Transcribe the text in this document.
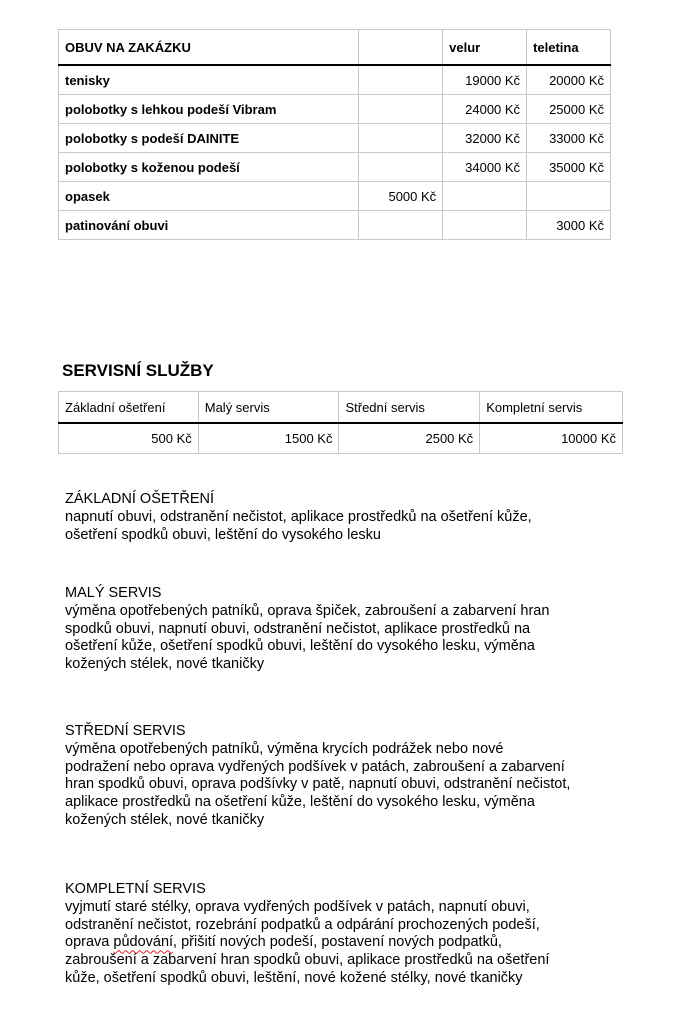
OBUV NA ZAKÁZKU		velur	teletina
tenisky		19000 Kč	20000 Kč
polobotky s lehkou podeší Vibram		24000 Kč	25000 Kč
polobotky s podeší DAINITE		32000 Kč	33000 Kč
polobotky s koženou podeší		34000 Kč	35000 Kč
opasek	5000 Kč		
patinování obuvi			3000 Kč
SERVISNÍ SLUŽBY
Základní ošetření	Malý servis	Střední servis	Kompletní servis
500 Kč	1500 Kč	2500 Kč	10000 Kč
ZÁKLADNÍ OŠETŘENÍ
napnutí obuvi, odstranění nečistot, aplikace prostředků na ošetření kůže,
ošetření spodků obuvi, leštění do vysokého lesku
MALÝ SERVIS
výměna opotřebených patníků, oprava špiček, zabroušení a zabarvení hran
spodků obuvi, napnutí obuvi, odstranění nečistot, aplikace prostředků na
ošetření kůže, ošetření spodků obuvi, leštění do vysokého lesku, výměna
kožených stélek, nové tkaničky
STŘEDNÍ SERVIS
výměna opotřebených patníků, výměna krycích podrážek nebo nové
podražení nebo oprava vydřených podšívek v patách, zabroušení a zabarvení
hran spodků obuvi, oprava podšívky v patě, napnutí obuvi, odstranění nečistot,
aplikace prostředků na ošetření kůže, leštění do vysokého lesku, výměna
kožených stélek, nové tkaničky
KOMPLETNÍ SERVIS
vyjmutí staré stélky, oprava vydřených podšívek v patách, napnutí obuvi,
odstranění nečistot, rozebrání podpatků a odpárání prochozených podeší,
oprava půdování, přišití nových podeší, postavení nových podpatků,
zabroušení a zabarvení hran spodků obuvi, aplikace prostředků na ošetření
kůže, ošetření spodků obuvi, leštění, nové kožené stélky, nové tkaničky
